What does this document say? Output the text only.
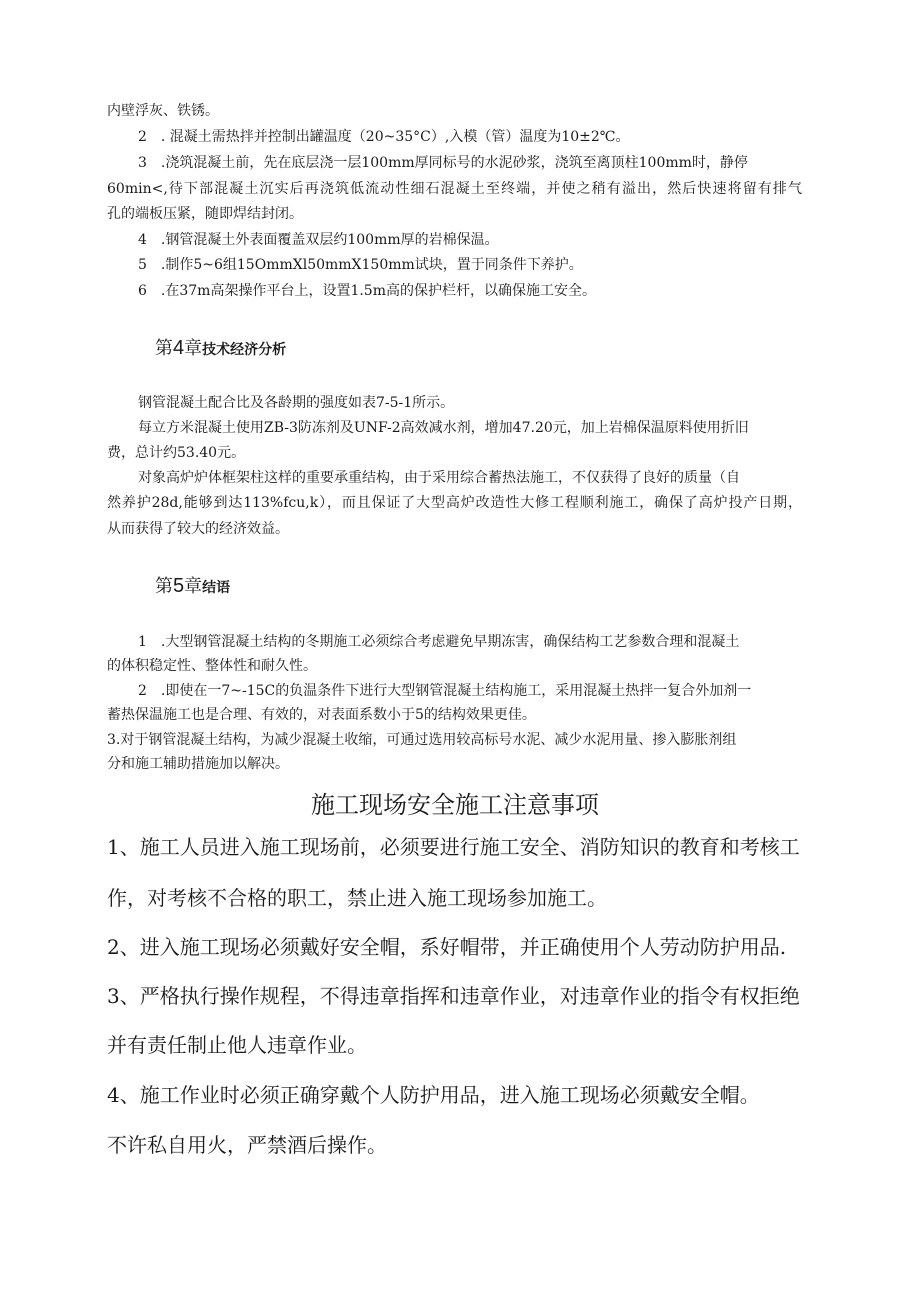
内壁浮灰、铁锈。
2　. 混凝土需热拌并控制出罐温度（20~35°C）,入模（管）温度为10±2℃。
3　.浇筑混凝土前，先在底层浇一层100mm厚同标号的水泥砂浆，浇筑至离顶柱100mm时，静停
60min<,待下部混凝土沉实后再浇筑低流动性细石混凝土至终端，并使之稍有溢出，然后快速将留有排气
孔的端板压紧，随即焊结封闭。
4　.钢管混凝土外表面覆盖双层约100mm厚的岩棉保温。
5　.制作5~6组15OmmXl50mmX150mm试块，置于同条件下养护。
6　.在37m高架操作平台上，设置1.5m高的保护栏杆，以确保施工安全。
第4章技术经济分析
钢管混凝土配合比及各龄期的强度如表7-5-1所示。
每立方米混凝土使用ZB-3防冻剂及UNF-2高效减水剂，增加47.20元，加上岩棉保温原料使用折旧
费，总计约53.40元。
对象高炉炉体框架柱这样的重要承重结构，由于采用综合蓄热法施工，不仅获得了良好的质量（自
然养护28d,能够到达113%fcu,k），而且保证了大型高炉改造性大修工程顺利施工，确保了高炉投产日期，
从而获得了较大的经济效益。
第5章结语
1　.大型钢管混凝土结构的冬期施工必须综合考虑避免早期冻害，确保结构工艺参数合理和混凝土
的体积稳定性、整体性和耐久性。
2　.即使在一7~-15C的负温条件下进行大型钢管混凝土结构施工，采用混凝土热拌一复合外加剂一
蓄热保温施工也是合理、有效的，对表面系数小于5的结构效果更佳。
3.对于钢管混凝土结构，为减少混凝土收缩，可通过选用较高标号水泥、减少水泥用量、掺入膨胀剂组
分和施工辅助措施加以解决。
施工现场安全施工注意事项
1、施工人员进入施工现场前，必须要进行施工安全、消防知识的教育和考核工
作，对考核不合格的职工，禁止进入施工现场参加施工。
2、进入施工现场必须戴好安全帽，系好帽带，并正确使用个人劳动防护用品.
3、严格执行操作规程，不得违章指挥和违章作业，对违章作业的指令有权拒绝
并有责任制止他人违章作业。
4、施工作业时必须正确穿戴个人防护用品，进入施工现场必须戴安全帽。
不许私自用火，严禁酒后操作。
